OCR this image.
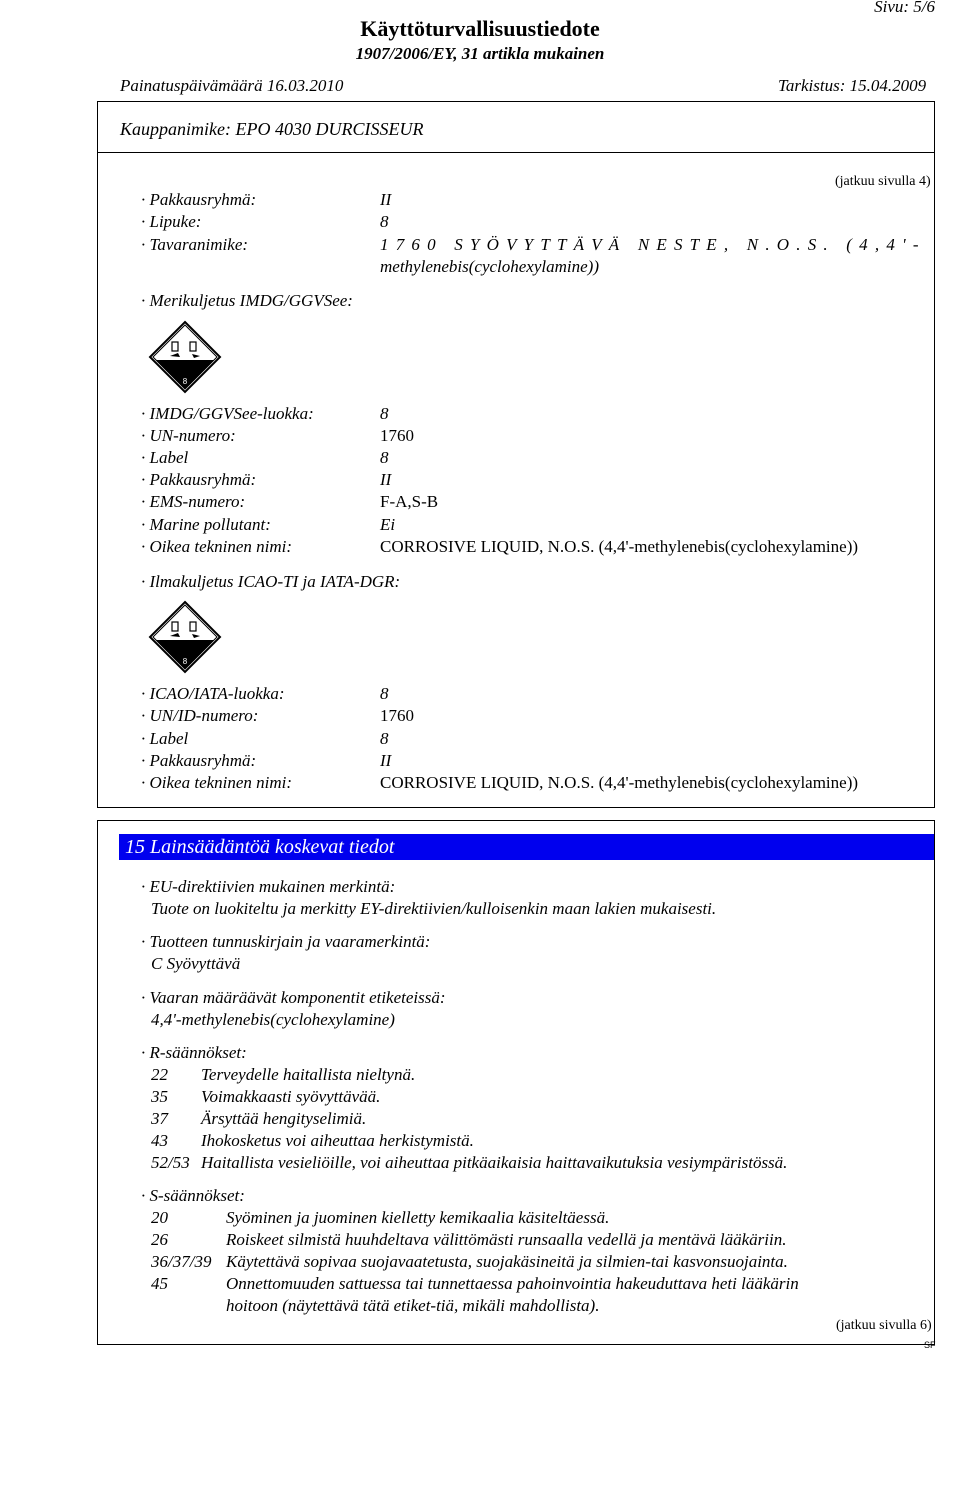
Sivu: 5/6
Käyttöturvallisuustiedote
1907/2006/EY, 31 artikla mukainen
Painatuspäivämäärä 16.03.2010	Tarkistus: 15.04.2009
Kauppanimike: EPO 4030 DURCISSEUR
(jatkuu sivulla 4)
· Pakkausryhmä:	II
· Lipuke:	8
· Tavaranimike:	1760 SYÖVYTTÄVÄ NESTE, N.O.S. (4,4'-
methylenebis(cyclohexylamine))
· Merikuljetus IMDG/GGVSee:
8
· IMDG/GGVSee-luokka:	8
· UN-numero:	1760
· Label	8
· Pakkausryhmä:	II
· EMS-numero:	F-A,S-B
· Marine pollutant:	Ei
· Oikea tekninen nimi:	CORROSIVE LIQUID, N.O.S. (4,4'-methylenebis(cyclohexylamine))
· Ilmakuljetus ICAO-TI ja IATA-DGR:
8
· ICAO/IATA-luokka:	8
· UN/ID-numero:	1760
· Label	8
· Pakkausryhmä:	II
· Oikea tekninen nimi:	CORROSIVE LIQUID, N.O.S. (4,4'-methylenebis(cyclohexylamine))
15 Lainsäädäntöä koskevat tiedot
· EU-direktiivien mukainen merkintä:
Tuote on luokiteltu ja merkitty EY-direktiivien/kulloisenkin maan lakien mukaisesti.
· Tuotteen tunnuskirjain ja vaaramerkintä:
C Syövyttävä
· Vaaran määräävät komponentit etiketeissä:
4,4'-methylenebis(cyclohexylamine)
· R-säännökset:
22 Terveydelle haitallista nieltynä.
35 Voimakkaasti syövyttävää.
37 Ärsyttää hengityselimiä.
43 Ihokosketus voi aiheuttaa herkistymistä.
52/53 Haitallista vesieliöille, voi aiheuttaa pitkäaikaisia haittavaikutuksia vesiympäristössä.
· S-säännökset:
20	Syöminen ja juominen kielletty kemikaalia käsiteltäessä.
26	Roiskeet silmistä huuhdeltava välittömästi runsaalla vedellä ja mentävä lääkäriin.
36/37/39 Käytettävä sopivaa suojavaatetusta, suojakäsineitä ja silmien-tai kasvonsuojainta.
45	Onnettomuuden sattuessa tai tunnettaessa pahoinvointia hakeuduttava heti lääkärin
hoitoon (näytettävä tätä etiket-tiä, mikäli mahdollista).
(jatkuu sivulla 6)
SF
